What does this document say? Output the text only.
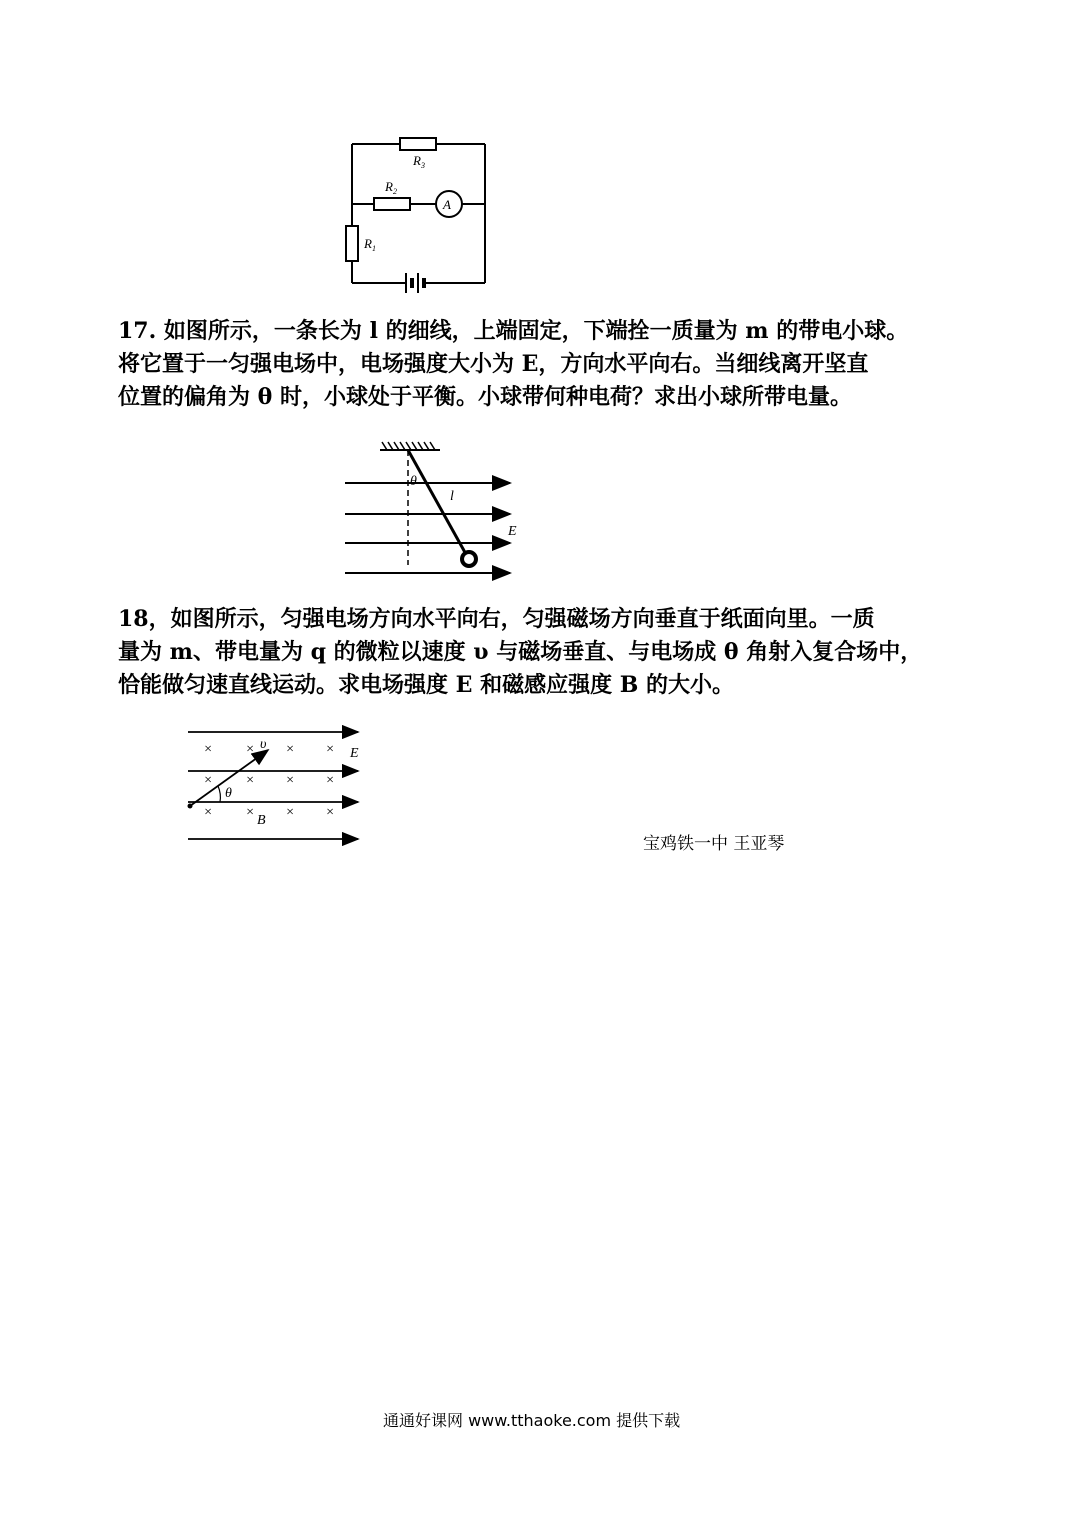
$R_3$
$R_2$
$R_1$
A

17. 如图所示，一条长为 l 的细线，上端固定，下端拴一质量为 m 的带电小球。

将它置于一匀强电场中，电场强度大小为 E，方向水平向右。当细线离开坚直

位置的偏角为 θ 时，小球处于平衡。小球带何种电荷？求出小球所带电量。

θ
l
E

18，如图所示，匀强电场方向水平向右，匀强磁场方向垂直于纸面向里。一质

量为 m、带电量为 q 的微粒以速度 υ 与磁场垂直、与电场成 θ 角射入复合场中，

恰能做匀速直线运动。求电场强度 E 和磁感应强度 B 的大小。

× × × ×
× × × ×
× × × ×
υ
θ
E
B
宝鸡铁一中 王亚琴
通通好课网 www.tthaoke.com 提供下载
